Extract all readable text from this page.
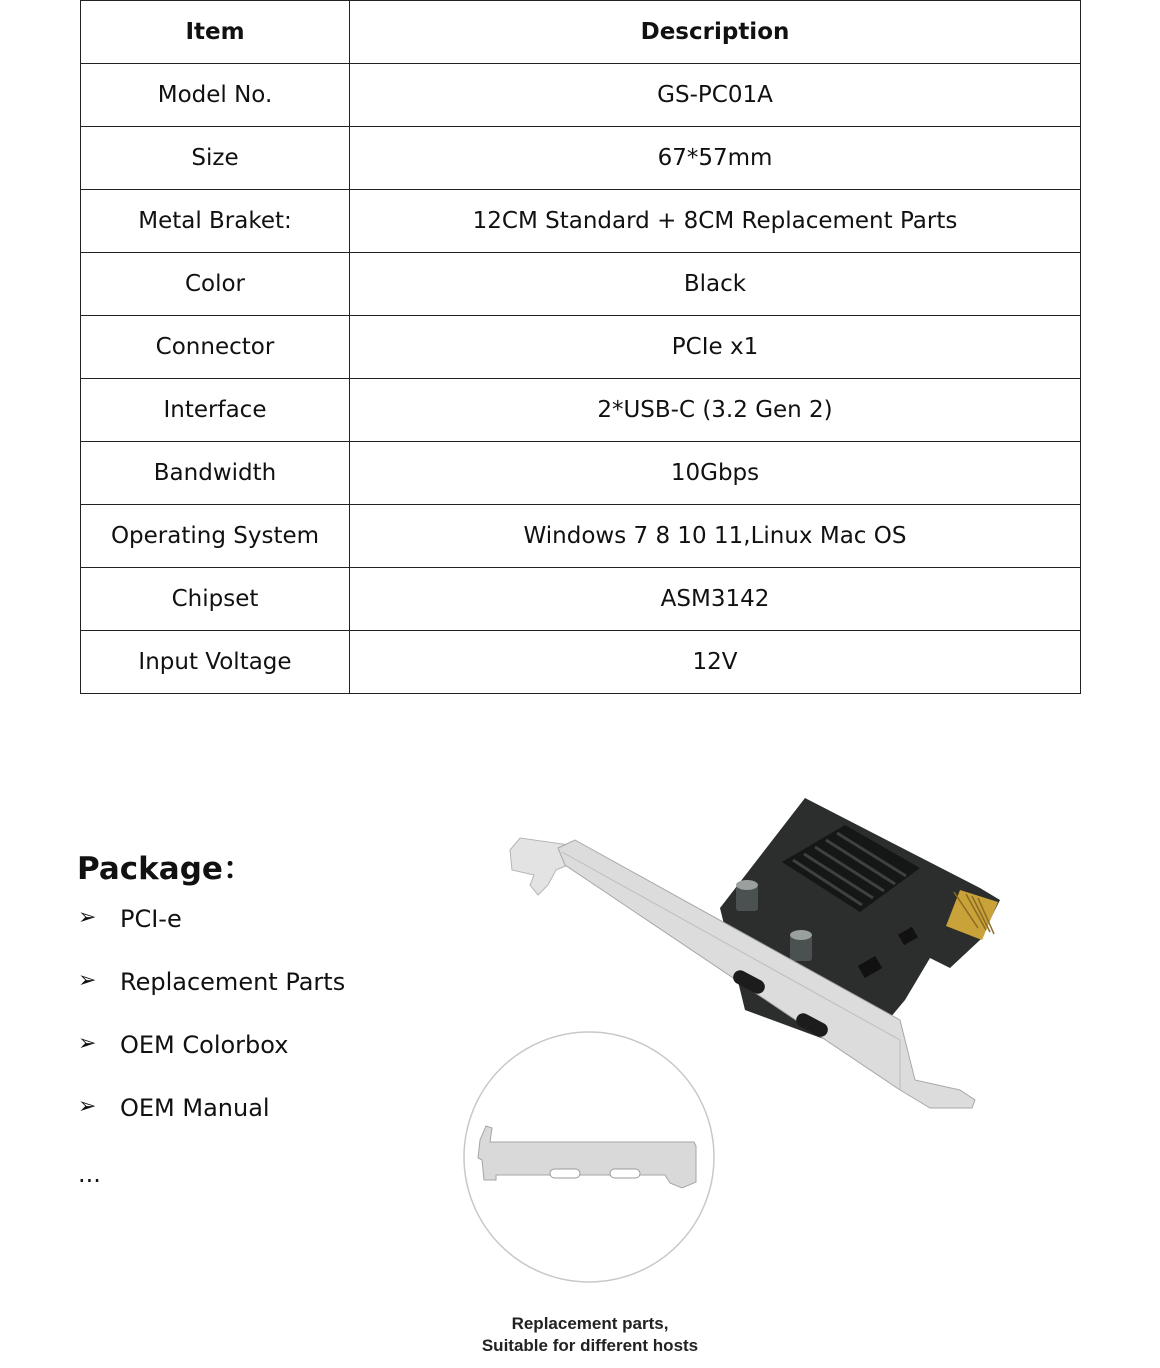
Item	Description
Model No.	GS-PC01A
Size	67*57mm
Metal Braket:	12CM Standard + 8CM Replacement Parts
Color	Black
Connector	PCIe x1
Interface	2*USB-C (3.2 Gen 2)
Bandwidth	10Gbps
Operating System	Windows 7 8 10 11,Linux Mac OS
Chipset	ASM3142
Input Voltage	12V
Package：
➢ PCI-e
➢ Replacement Parts
➢ OEM Colorbox
➢ OEM Manual
...
Replacement parts,
Suitable for different hosts
